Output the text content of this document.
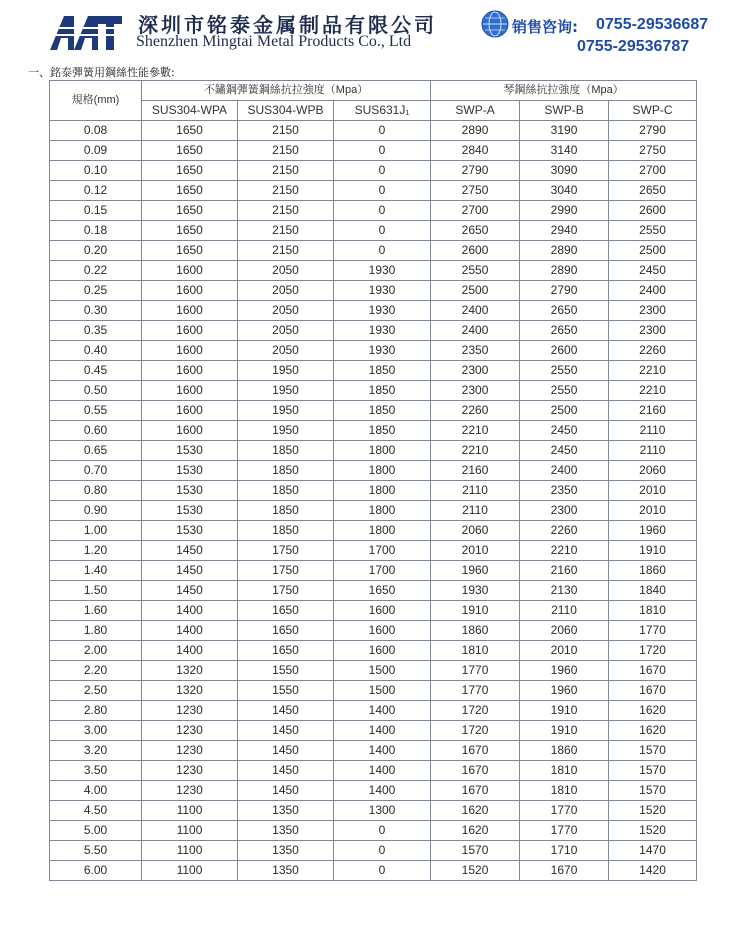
深圳市铭泰金属制品有限公司
Shenzhen Mingtai Metal Products Co., Ltd
销售咨询: 0755-29536687
0755-29536787
一、銘泰彈簧用鋼絲性能參數:
規格(mm)	不鏽鋼彈簧鋼絲抗拉強度（Mpa）			琴鋼絲抗拉強度（Mpa）		
	SUS304-WPA	SUS304-WPB	SUS631J₁	SWP-A	SWP-B	SWP-C
0.08	1650	2150	0	2890	3190	2790
0.09	1650	2150	0	2840	3140	2750
0.10	1650	2150	0	2790	3090	2700
0.12	1650	2150	0	2750	3040	2650
0.15	1650	2150	0	2700	2990	2600
0.18	1650	2150	0	2650	2940	2550
0.20	1650	2150	0	2600	2890	2500
0.22	1600	2050	1930	2550	2890	2450
0.25	1600	2050	1930	2500	2790	2400
0.30	1600	2050	1930	2400	2650	2300
0.35	1600	2050	1930	2400	2650	2300
0.40	1600	2050	1930	2350	2600	2260
0.45	1600	1950	1850	2300	2550	2210
0.50	1600	1950	1850	2300	2550	2210
0.55	1600	1950	1850	2260	2500	2160
0.60	1600	1950	1850	2210	2450	2110
0.65	1530	1850	1800	2210	2450	2110
0.70	1530	1850	1800	2160	2400	2060
0.80	1530	1850	1800	2110	2350	2010
0.90	1530	1850	1800	2110	2300	2010
1.00	1530	1850	1800	2060	2260	1960
1.20	1450	1750	1700	2010	2210	1910
1.40	1450	1750	1700	1960	2160	1860
1.50	1450	1750	1650	1930	2130	1840
1.60	1400	1650	1600	1910	2110	1810
1.80	1400	1650	1600	1860	2060	1770
2.00	1400	1650	1600	1810	2010	1720
2.20	1320	1550	1500	1770	1960	1670
2.50	1320	1550	1500	1770	1960	1670
2.80	1230	1450	1400	1720	1910	1620
3.00	1230	1450	1400	1720	1910	1620
3.20	1230	1450	1400	1670	1860	1570
3.50	1230	1450	1400	1670	1810	1570
4.00	1230	1450	1400	1670	1810	1570
4.50	1100	1350	1300	1620	1770	1520
5.00	1100	1350	0	1620	1770	1520
5.50	1100	1350	0	1570	1710	1470
6.00	1100	1350	0	1520	1670	1420
